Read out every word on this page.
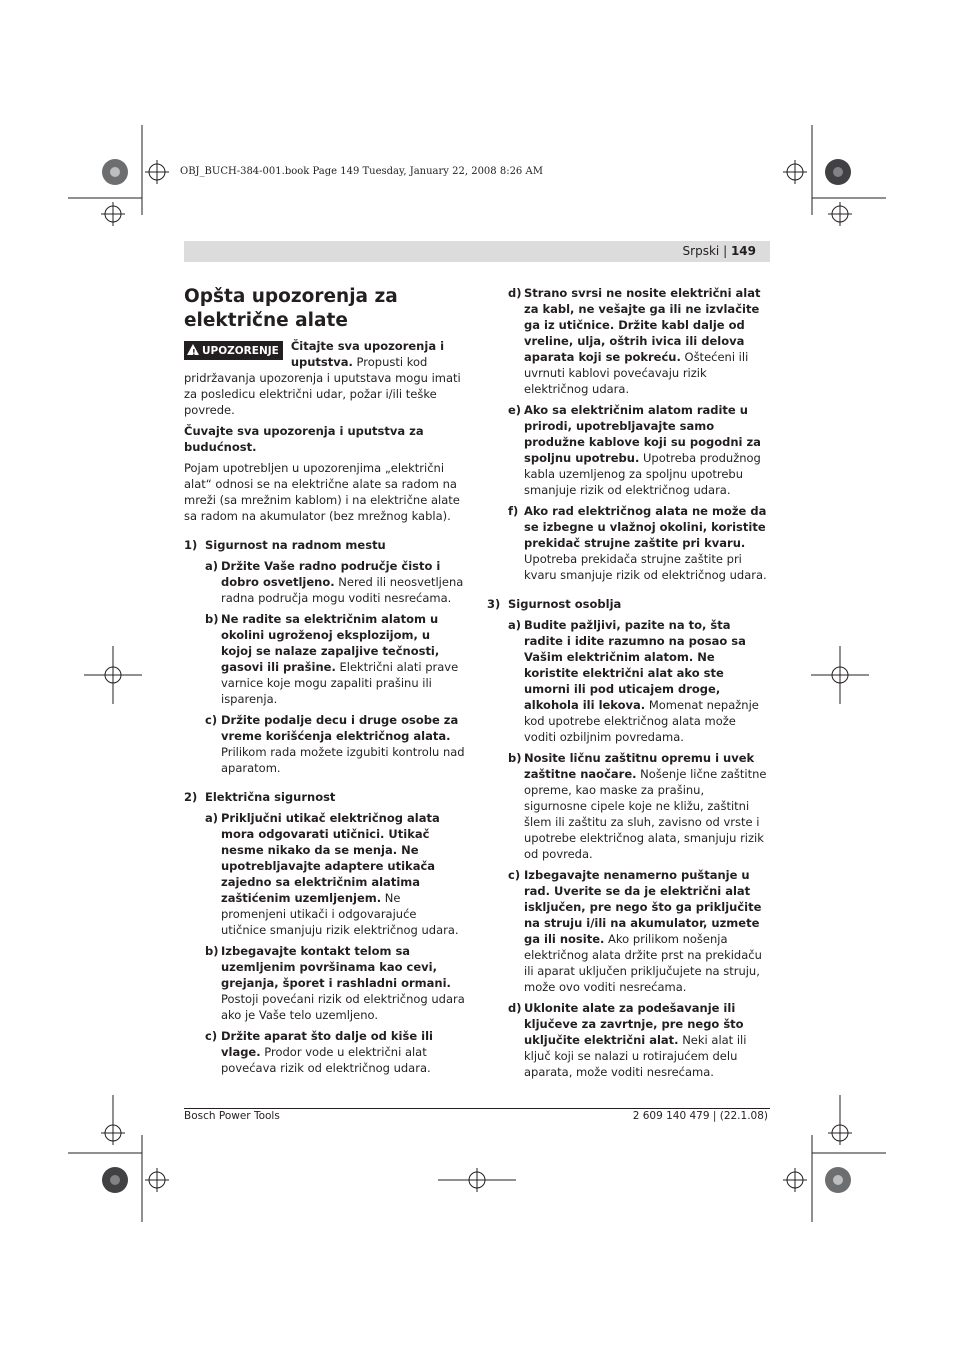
OBJ_BUCH-384-001.book Page 149 Tuesday, January 22, 2008 8:26 AM
Srpski | 149
Opšta upozorenja za električne alate

! UPOZORENJE	Čitajte sva upozorenja i uputstva. Propusti kod pridržavanja upozorenja i uputstava mogu imati za posledicu električni udar, požar i/ili teške povrede.

Čuvajte sva upozorenja i uputstva za budućnost.

Pojam upotrebljen u upozorenjima „električni alat“ odnosi se na električne alate sa radom na mreži (sa mrežnim kablom) i na električne alate sa radom na akumulator (bez mrežnog kabla).

1) Sigurnost na radnom mestu
a) Držite Vaše radno područje čisto i dobro osvetljeno. Nered ili neosvetljena radna područja mogu voditi nesrećama.
b) Ne radite sa električnim alatom u okolini ugroženoj eksplozijom, u kojoj se nalaze zapaljive tečnosti, gasovi ili prašine. Električni alati prave varnice koje mogu zapaliti prašinu ili isparenja.
c) Držite podalje decu i druge osobe za vreme korišćenja električnog alata. Prilikom rada možete izgubiti kontrolu nad aparatom.
2) Električna sigurnost
a) Priključni utikač električnog alata mora odgovarati utičnici. Utikač nesme nikako da se menja. Ne upotrebljavajte adaptere utikača zajedno sa električnim alatima zaštićenim uzemljenjem. Ne promenjeni utikači i odgovarajuće utičnice smanjuju rizik električnog udara.
b) Izbegavajte kontakt telom sa uzemljenim površinama kao cevi, grejanja, šporet i rashladni ormani. Postoji povećani rizik od električnog udara ako je Vaše telo uzemljeno.
c) Držite aparat što dalje od kiše ili vlage. Prodor vode u električni alat povećava rizik od električnog udara.
d) Strano svrsi ne nosite električni alat za kabl, ne vešajte ga ili ne izvlačite ga iz utičnice. Držite kabl dalje od vreline, ulja, oštrih ivica ili delova aparata koji se pokreću. Oštećeni ili uvrnuti kablovi povećavaju rizik električnog udara.
e) Ako sa električnim alatom radite u prirodi, upotrebljavajte samo produžne kablove koji su pogodni za spoljnu upotrebu. Upotreba produžnog kabla uzemljenog za spoljnu upotrebu smanjuje rizik od električnog udara.
f) Ako rad električnog alata ne može da se izbegne u vlažnoj okolini, koristite prekidač strujne zaštite pri kvaru. Upotreba prekidača strujne zaštite pri kvaru smanjuje rizik od električnog udara.
3) Sigurnost osoblja
a) Budite pažljivi, pazite na to, šta radite i idite razumno na posao sa Vašim električnim alatom. Ne koristite električni alat ako ste umorni ili pod uticajem droge, alkohola ili lekova. Momenat nepažnje kod upotrebe električnog alata može voditi ozbiljnim povredama.
b) Nosite ličnu zaštitnu opremu i uvek zaštitne naočare. Nošenje lične zaštitne opreme, kao maske za prašinu, sigurnosne cipele koje ne kližu, zaštitni šlem ili zaštitu za sluh, zavisno od vrste i upotrebe električnog alata, smanjuju rizik od povreda.
c) Izbegavajte nenamerno puštanje u rad. Uverite se da je električni alat isključen, pre nego što ga priključite na struju i/ili na akumulator, uzmete ga ili nosite. Ako prilikom nošenja električnog alata držite prst na prekidaču ili aparat uključen priključujete na struju, može ovo voditi nesrećama.
d) Uklonite alate za podešavanje ili ključeve za zavrtnje, pre nego što uključite električni alat. Neki alat ili ključ koji se nalazi u rotirajućem delu aparata, može voditi nesrećama.
Bosch Power Tools	2 609 140 479 | (22.1.08)
